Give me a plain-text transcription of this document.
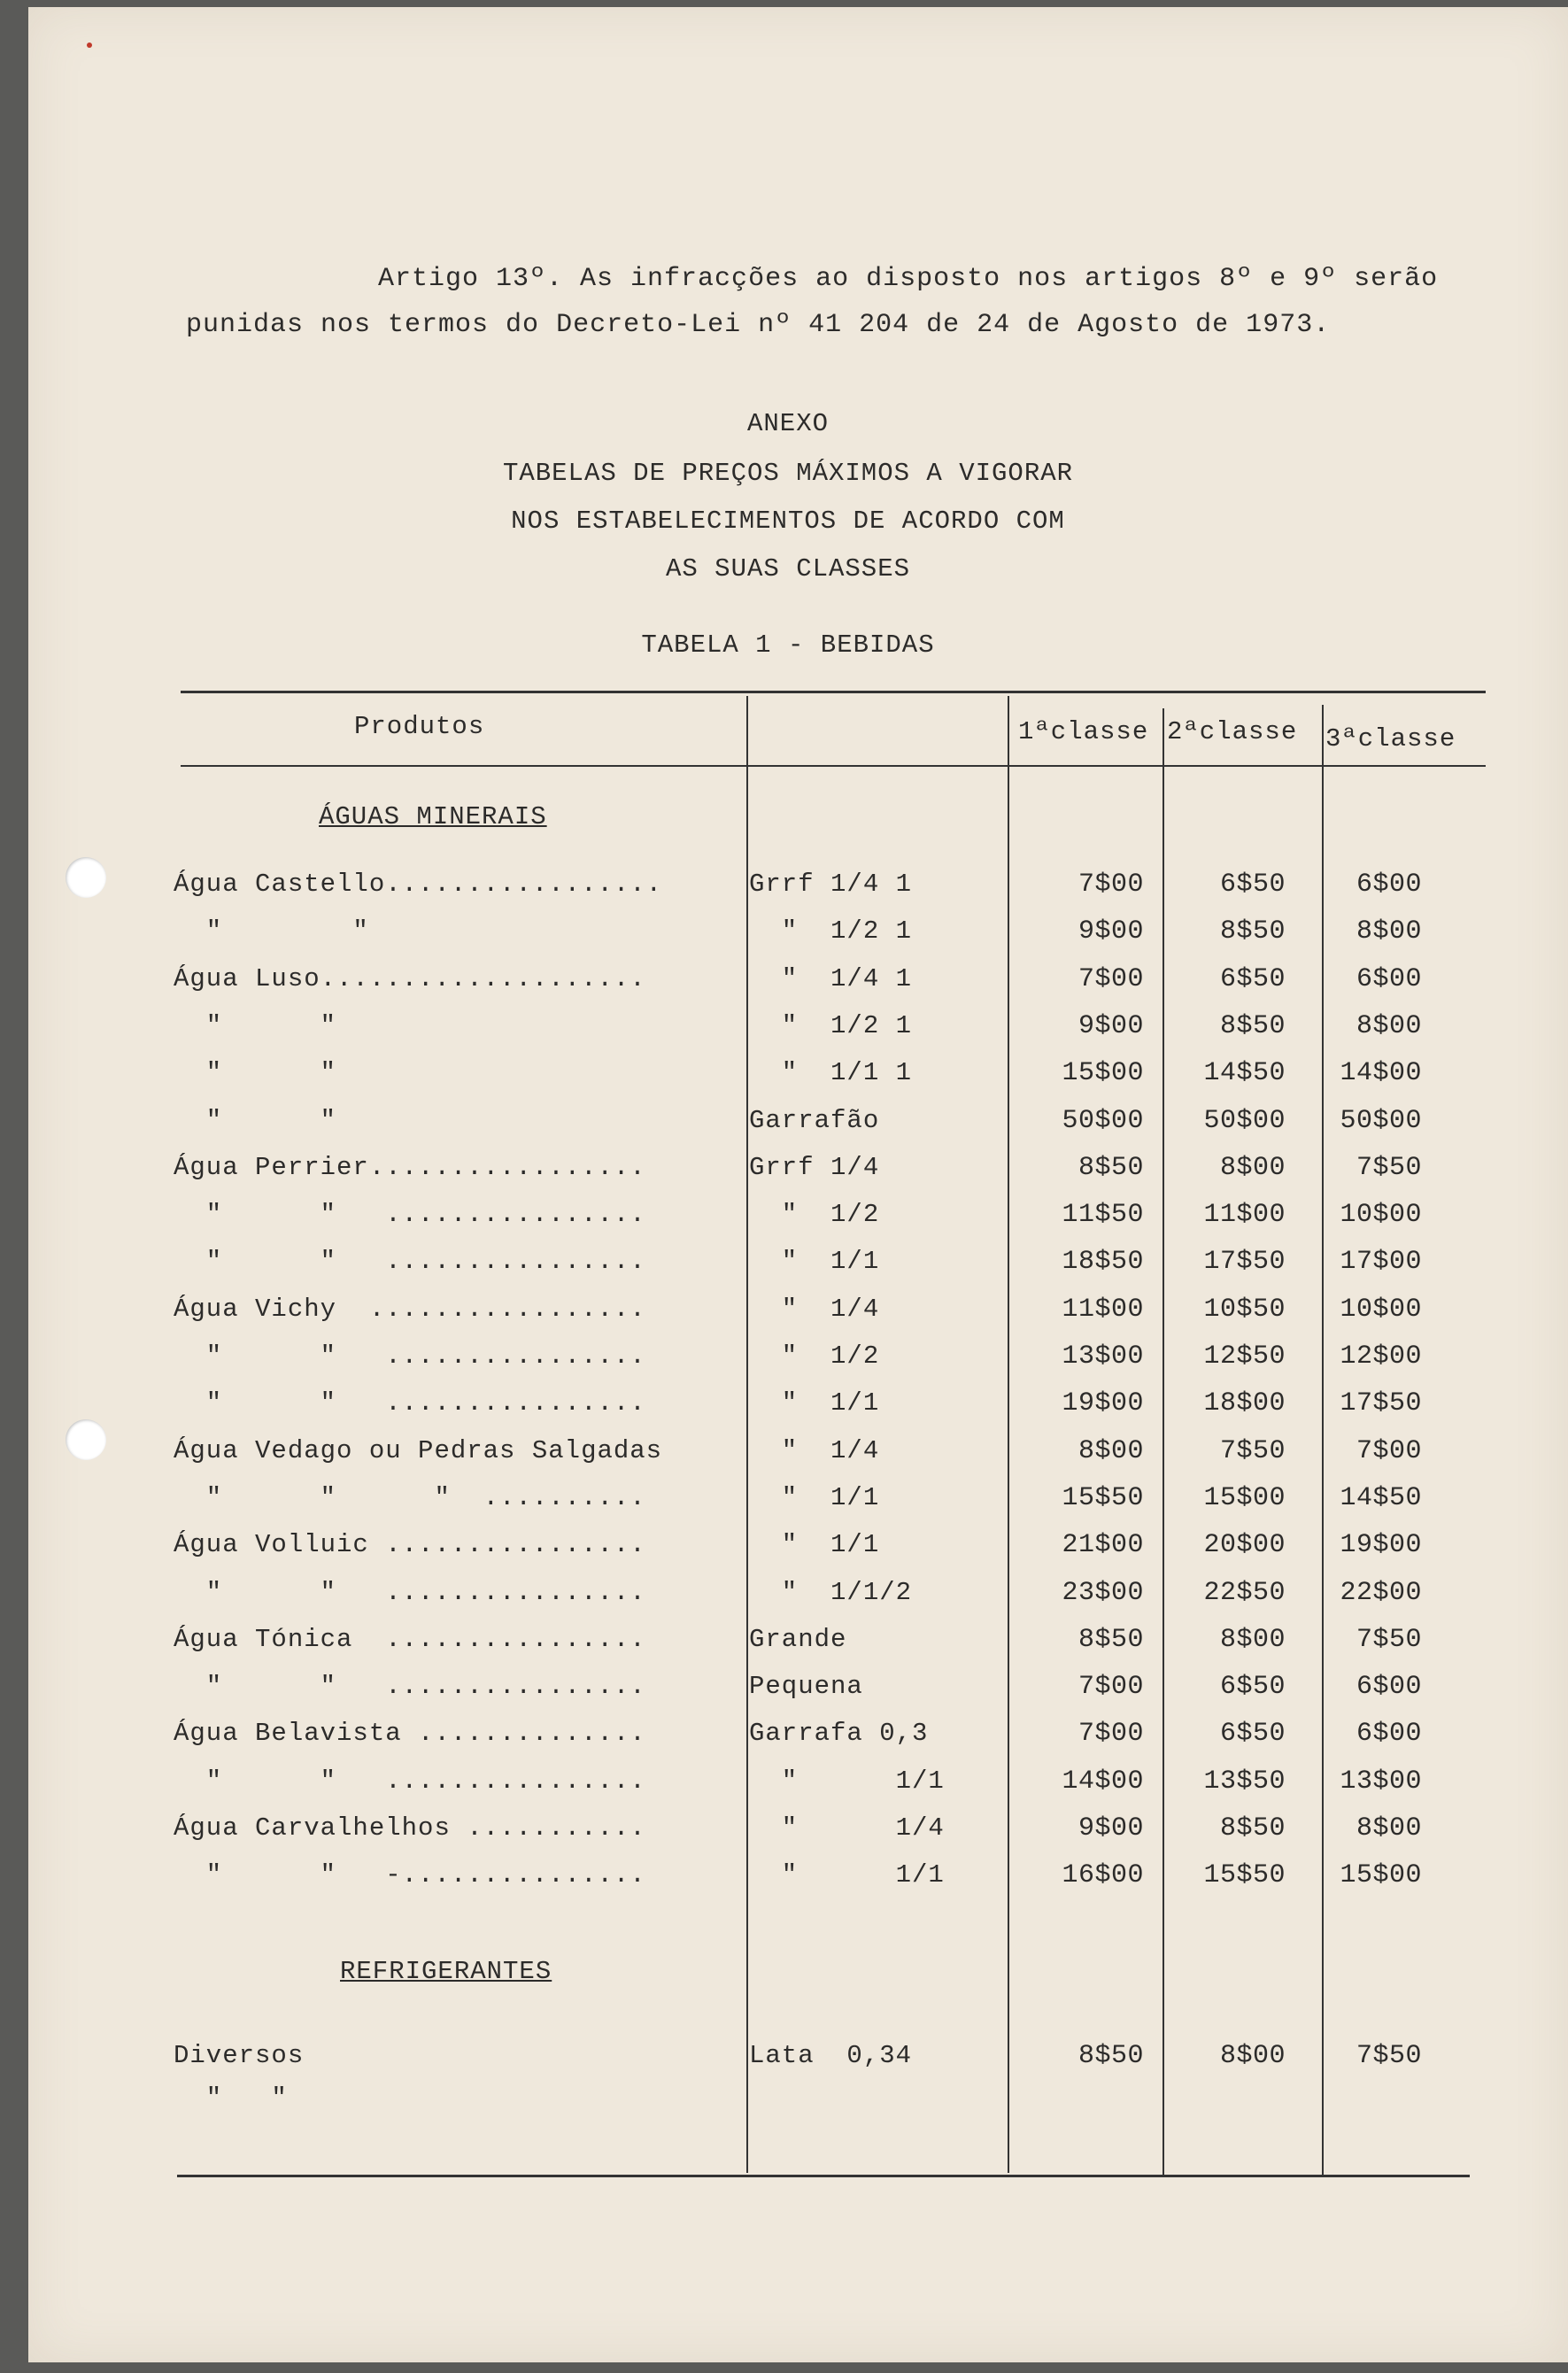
Artigo 13º. As infracções ao disposto nos artigos 8º e 9º serão
punidas nos termos do Decreto-Lei nº 41 204 de 24 de Agosto de 1973.
ANEXO
TABELAS DE PREÇOS MÁXIMOS A VIGORAR
NOS ESTABELECIMENTOS DE ACORDO COM
AS SUAS CLASSES
TABELA 1 - BEBIDAS
Produtos	1ªclasse 2ªclasse 3ªclasse
ÁGUAS MINERAIS
Água Castello.................	Grrf 1/4 1	7$00	6$50	6$00
"        "	"  1/2 1	9$00	8$50	8$00
Água Luso....................	"  1/4 1	7$00	6$50	6$00
"      "	"  1/2 1	9$00	8$50	8$00
"      "	"  1/1 1	15$00	14$50	14$00
"      "	Garrafão	50$00	50$00	50$00
Água Perrier.................	Grrf 1/4	8$50	8$00	7$50
"      "   ................	"  1/2	11$50	11$00	10$00
"      "   ................	"  1/1	18$50	17$50	17$00
Água Vichy  .................	"  1/4	11$00	10$50	10$00
"      "   ................	"  1/2	13$00	12$50	12$00
"      "   ................	"  1/1	19$00	18$00	17$50
Água Vedago ou Pedras Salgadas	"  1/4	8$00	7$50	7$00
"      "      "  ..........	"  1/1	15$50	15$00	14$50
Água Volluic ................	"  1/1	21$00	20$00	19$00
"      "   ................	"  1/1/2	23$00	22$50	22$00
Água Tónica  ................	Grande	8$50	8$00	7$50
"      "   ................	Pequena	7$00	6$50	6$00
Água Belavista ..............	Garrafa 0,3	7$00	6$50	6$00
"      "   ................	"      1/1	14$00	13$50	13$00
Água Carvalhelhos ...........	"      1/4	9$00	8$50	8$00
"      "   -...............	"      1/1	16$00	15$50	15$00
REFRIGERANTES
Diversos	Lata  0,34	8$50	8$00	7$50
"   "
